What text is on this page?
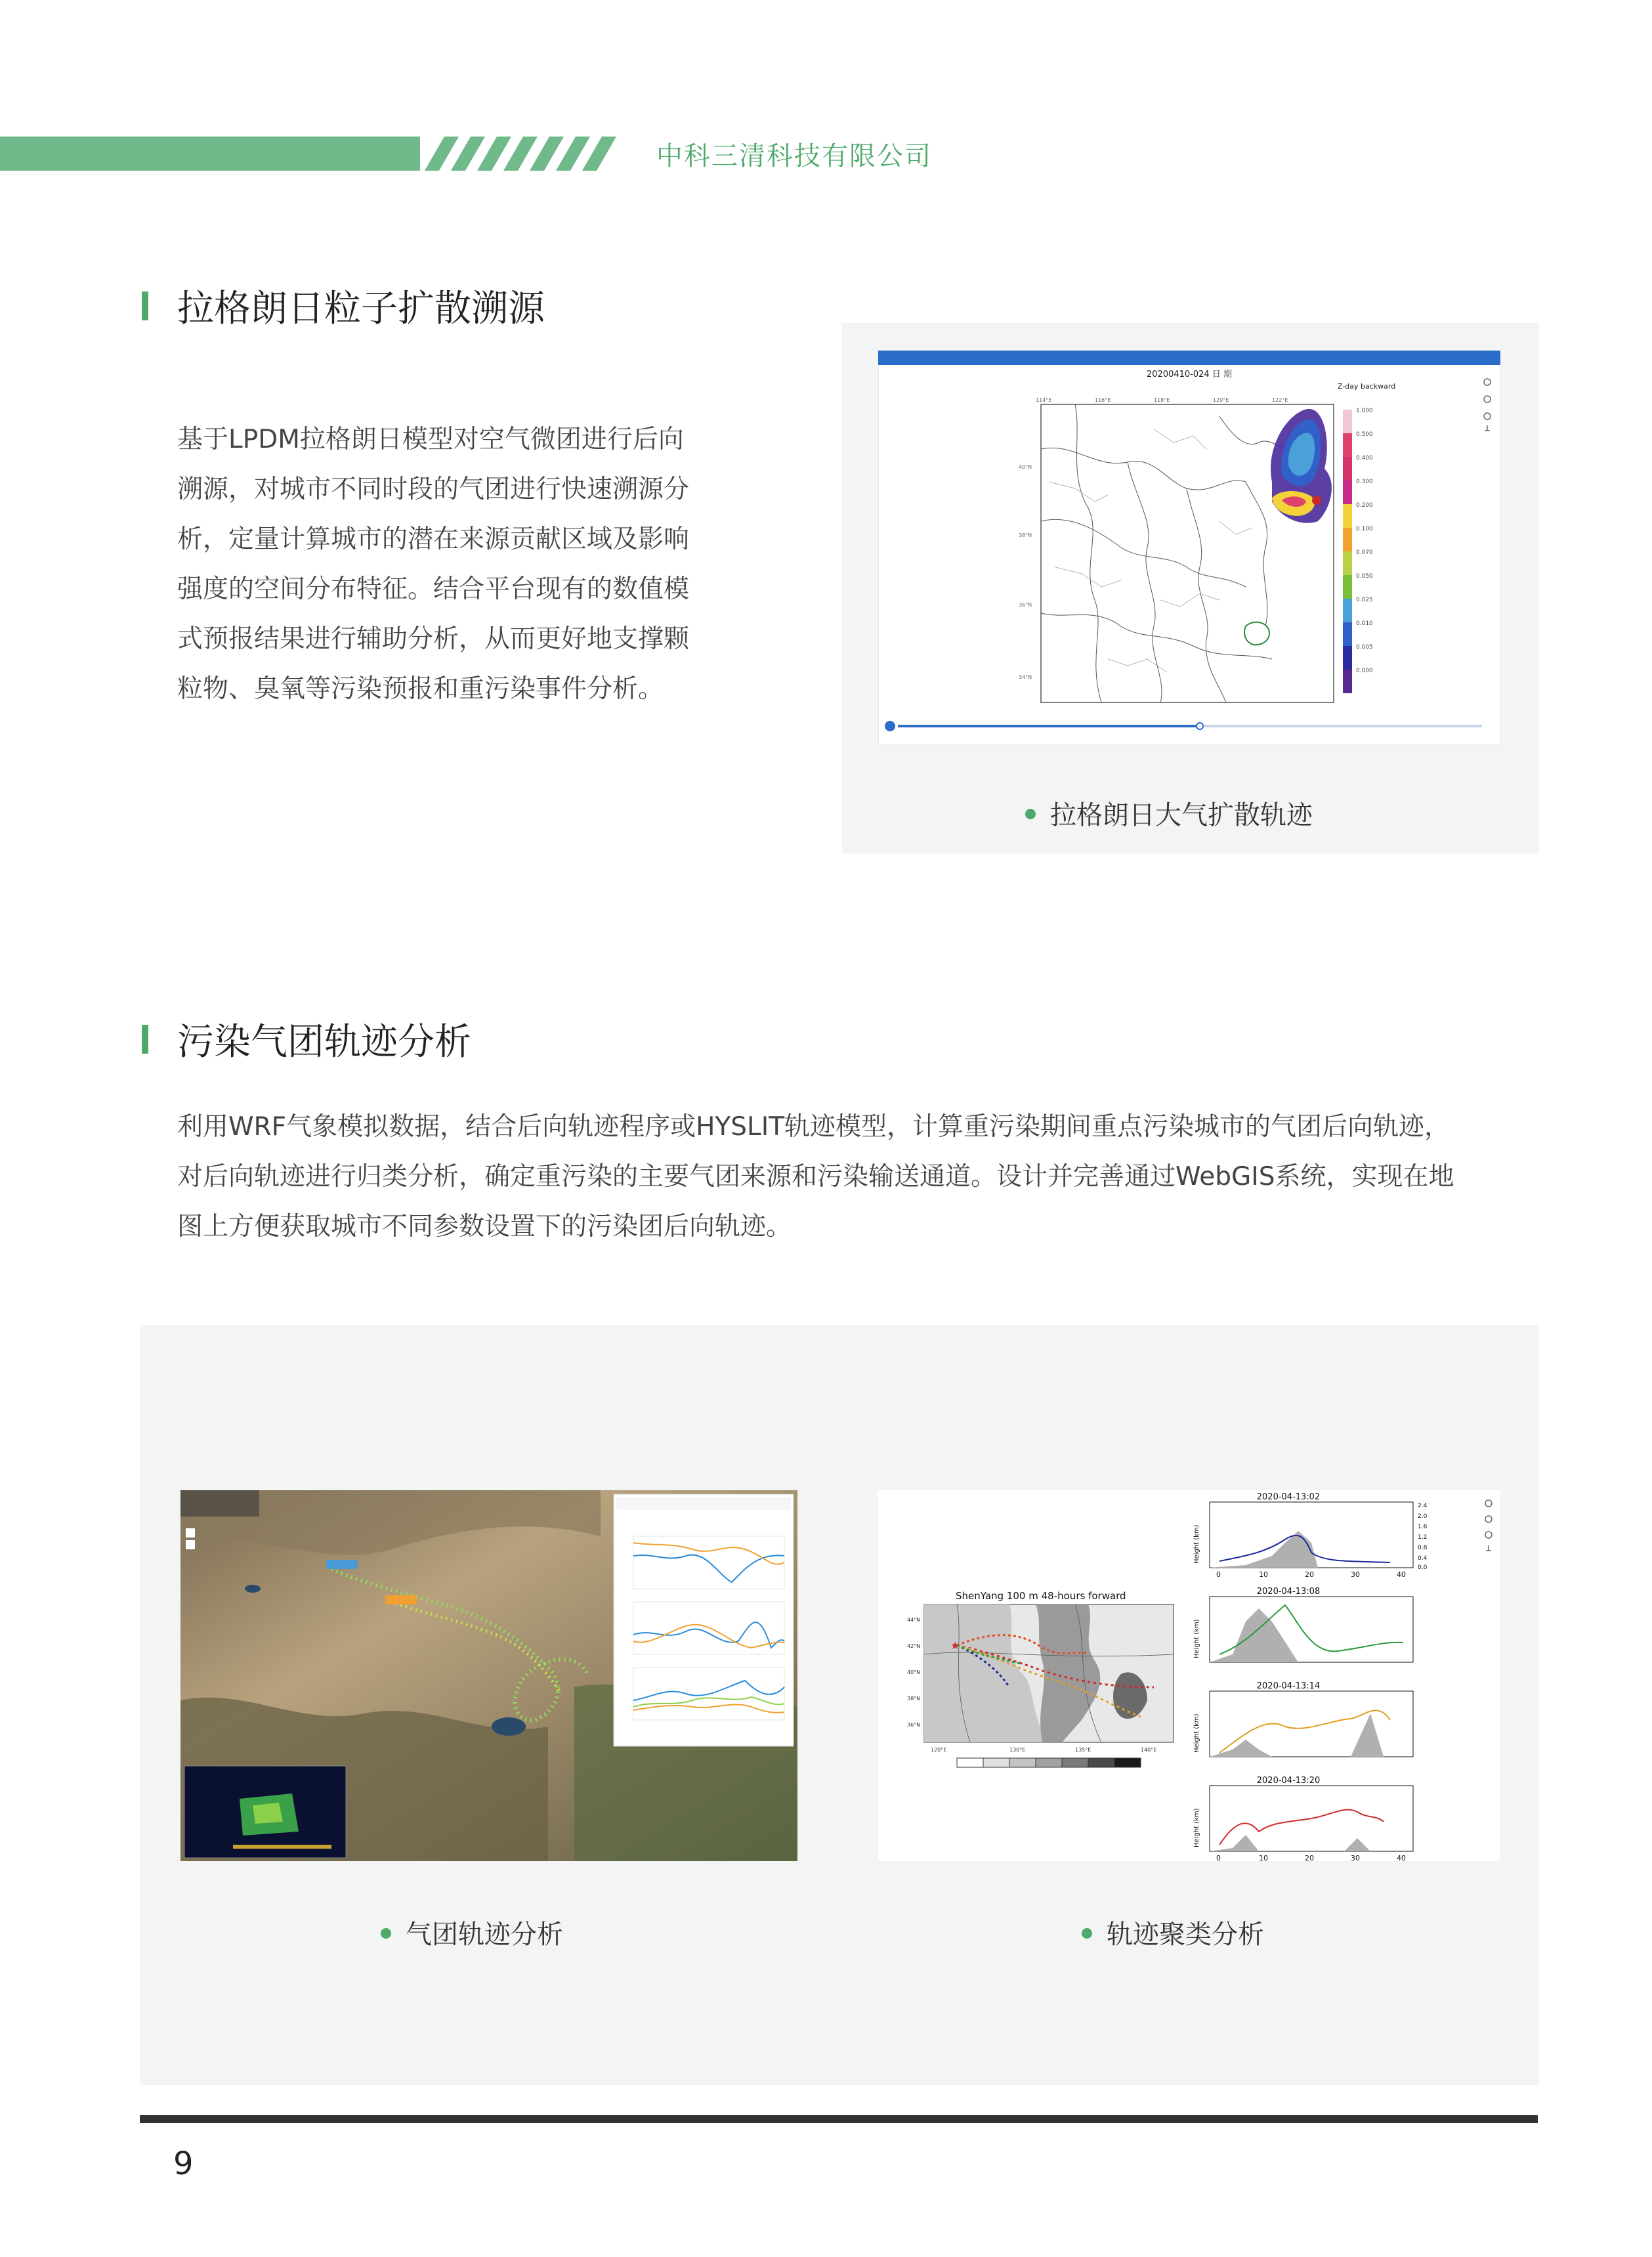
中科三清科技有限公司
拉格朗日粒子扩散溯源
基于LPDM拉格朗日模型对空气微团进行后向
溯源，对城市不同时段的气团进行快速溯源分
析，定量计算城市的潜在来源贡献区域及影响
强度的空间分布特征。结合平台现有的数值模
式预报结果进行辅助分析，从而更好地支撑颗
粒物、臭氧等污染预报和重污染事件分析。
20200410-024 日 期
Z-day backward
114°E	116°E	118°E	120°E	122°E
40°N
38°N
36°N
34°N
1.000
0.500
0.400
0.300
0.200
0.100
0.070
0.050
0.025
0.010
0.005
0.000
拉格朗日大气扩散轨迹
污染气团轨迹分析
利用WRF气象模拟数据，结合后向轨迹程序或HYSLIT轨迹模型，计算重污染期间重点污染城市的气团后向轨迹，
对后向轨迹进行归类分析，确定重污染的主要气团来源和污染输送通道。设计并完善通过WebGIS系统，实现在地
图上方便获取城市不同参数设置下的污染团后向轨迹。
气团轨迹分析
ShenYang 100 m 48-hours forward
★
120°E	130°E	135°E	140°E
44°N
42°N
40°N
38°N
36°N
2020-04-13:02
2020-04-13:08
2020-04-13:14
2020-04-13:20
Height (km)
Height (km)
Height (km)
Height (km)
2.4
2.0
1.6
1.2
0.8
0.4
0.0
0	10	20	30	40
0	10	20	30	40
轨迹聚类分析
9
